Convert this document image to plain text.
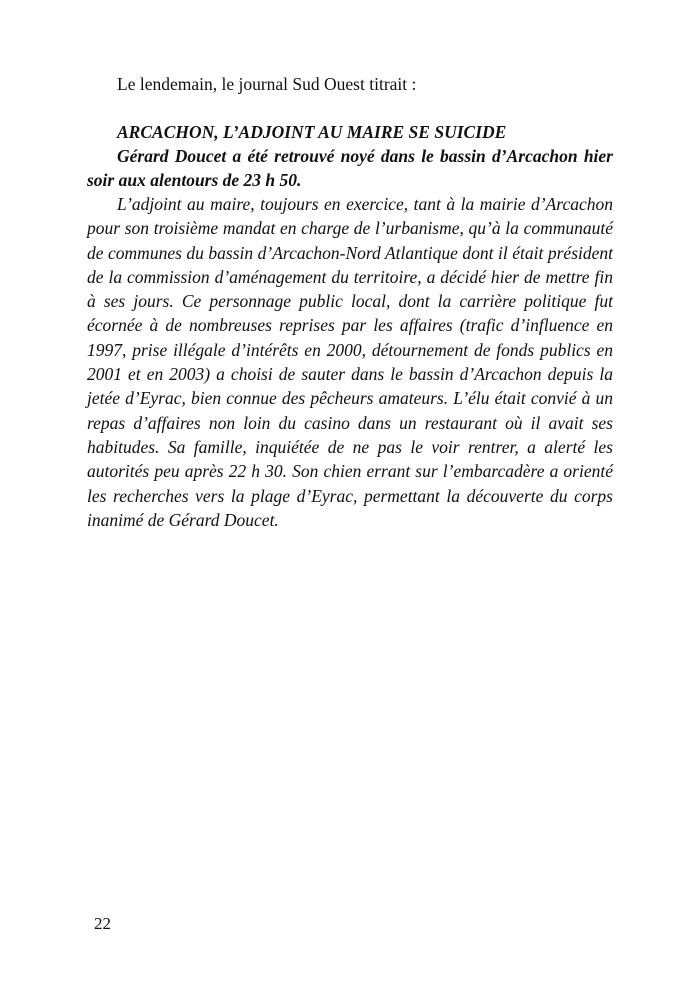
Le lendemain, le journal Sud Ouest titrait :

ARCACHON, L’ADJOINT AU MAIRE SE SUICIDE

Gérard Doucet a été retrouvé noyé dans le bassin d’Arcachon hier soir aux alentours de 23 h 50.

L’adjoint au maire, toujours en exercice, tant à la mairie d’Arcachon pour son troisième mandat en charge de l’urbanisme, qu’à la communauté de communes du bassin d’Arcachon-Nord Atlantique dont il était président de la commission d’aménagement du territoire, a décidé hier de mettre fin à ses jours. Ce personnage public local, dont la carrière politique fut écornée à de nombreuses reprises par les affaires (trafic d’influence en 1997, prise illégale d’intérêts en 2000, détournement de fonds publics en 2001 et en 2003) a choisi de sauter dans le bassin d’Arcachon depuis la jetée d’Eyrac, bien connue des pêcheurs amateurs. L’élu était convié à un repas d’affaires non loin du casino dans un restaurant où il avait ses habitudes. Sa famille, inquiétée de ne pas le voir rentrer, a alerté les autorités peu après 22 h 30. Son chien errant sur l’embarcadère a orienté les recherches vers la plage d’Eyrac, permettant la découverte du corps inanimé de Gérard Doucet.

22
